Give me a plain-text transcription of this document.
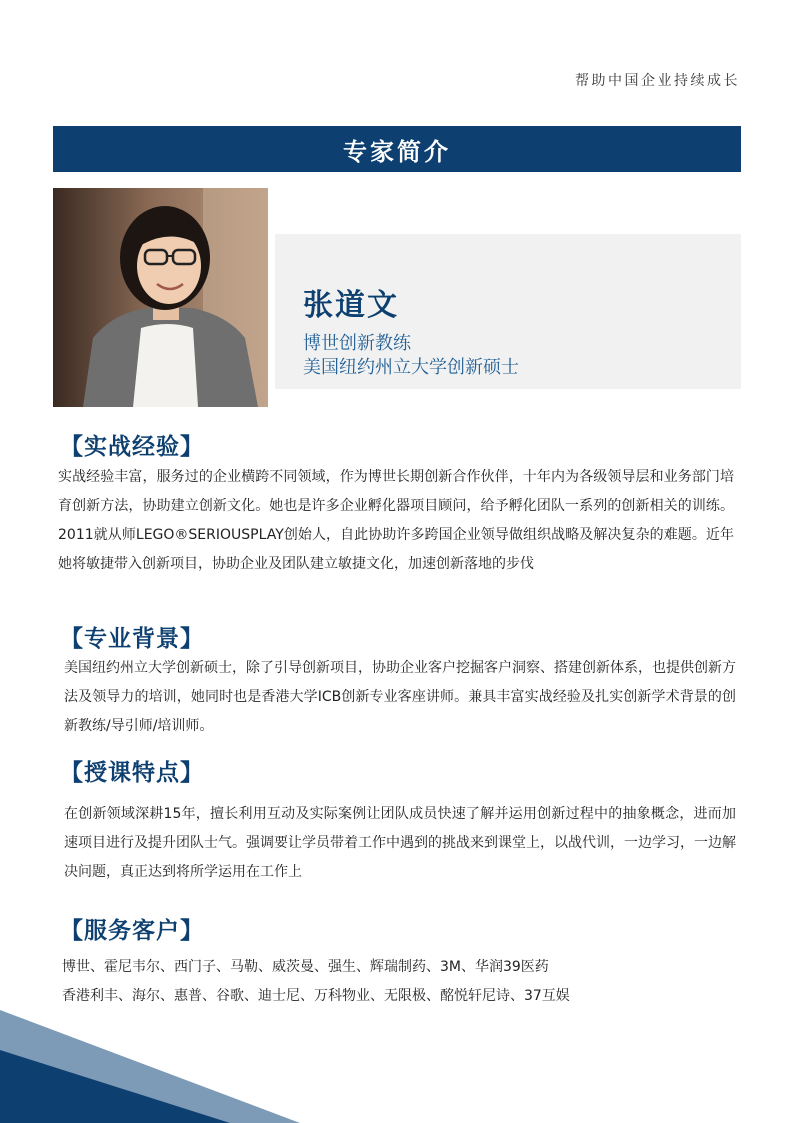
帮助中国企业持续成长
专家简介
张道文
博世创新教练
美国纽约州立大学创新硕士
【实战经验】
实战经验丰富，服务过的企业横跨不同领域，作为博世长期创新合作伙伴，十年内为各级领导层和业务部门培育创新方法，协助建立创新文化。她也是许多企业孵化器项目顾问，给予孵化团队一系列的创新相关的训练。2011就从师LEGO®SERIOUSPLAY创始人，自此协助许多跨国企业领导做组织战略及解决复杂的难题。近年她将敏捷带入创新项目，协助企业及团队建立敏捷文化，加速创新落地的步伐
【专业背景】
美国纽约州立大学创新硕士，除了引导创新项目，协助企业客户挖掘客户洞察、搭建创新体系，也提供创新方法及领导力的培训，她同时也是香港大学ICB创新专业客座讲师。兼具丰富实战经验及扎实创新学术背景的创新教练/导引师/培训师。
【授课特点】
在创新领域深耕15年，擅长利用互动及实际案例让团队成员快速了解并运用创新过程中的抽象概念，进而加速项目进行及提升团队士气。强调要让学员带着工作中遇到的挑战来到课堂上，以战代训，一边学习，一边解决问题，真正达到将所学运用在工作上
【服务客户】
博世、霍尼韦尔、西门子、马勒、威茨曼、强生、辉瑞制药、3M、华润39医药
香港利丰、海尔、惠普、谷歌、迪士尼、万科物业、无限极、酩悦轩尼诗、37互娱
